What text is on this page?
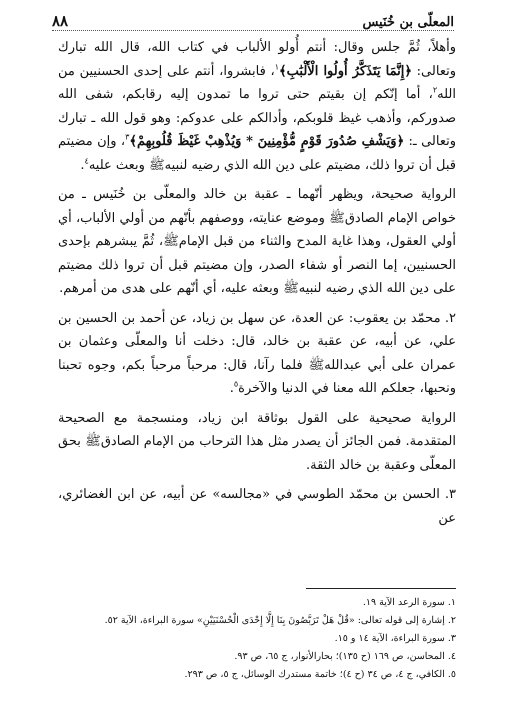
المعلّى بن خُنَيس
٨٨

وأهلاً، ثُمَّ جلس وقال: أنتم أُولو الألباب في كتاب الله، قال الله تبارك وتعالى: ﴿إِنَّمَا يَتَذَكَّرُ أُولُوا الْأَلْبَٰبِ﴾$^١$، فابشروا، أنتم على إحدى الحسنيين من الله$^٢$، أما إنّكم إن بقيتم حتى تروا ما تمدون إليه رقابكم، شفى الله صدوركم، وأذهب غيظ قلوبكم، وأدالكم على عدوكم: وهو قول الله ـ تبارك وتعالى ـ: ﴿وَيَشْفِ صُدُورَ قَوْمٍ مُّؤْمِنِينَ * وَيُذْهِبْ غَيْظَ قُلُوبِهِمْ﴾$^٣$، وإن مضيتم قبل أن تروا ذلك، مضيتم على دين الله الذي رضيه لنبيهﷺ وبعث عليه$^٤$.

الرواية صحيحة، ويظهر أنّهما ـ عقبة بن خالد والمعلّى بن خُنَيس ـ من خواص الإمام الصادقﷺ وموضع عنايته، ووصفهم بأنّهم من أولي الألباب، أي أولي العقول، وهذا غاية المدح والثناء من قبل الإمامﷺ، ثُمَّ يبشرهم بإحدى الحسنيين، إما النصر أو شفاء الصدر، وإن مضيتم قبل أن تروا ذلك مضيتم على دين الله الذي رضيه لنبيهﷺ وبعثه عليه، أي أنّهم على هدى من أمرهم.

٢. محمّد بن يعقوب: عن العدة، عن سهل بن زياد، عن أحمد بن الحسين بن علي، عن أبيه، عن عقبة بن خالد، قال: دخلت أنا والمعلّى وعثمان بن عمران على أبي عبداللهﷺ فلما رآنا، قال: مرحباً مرحباً بكم، وجوه تحبنا ونحبها، جعلكم الله معنا في الدنيا والآخرة$^٥$.

الرواية صحيحية على القول بوثاقة ابن زياد، ومنسجمة مع الصحيحة المتقدمة. فمن الجائز أن يصدر مثل هذا الترحاب من الإمام الصادقﷺ بحق المعلّى وعقبة بن خالد الثقة.

٣. الحسن بن محمّد الطوسي في «مجالسه» عن أبيه، عن ابن الغضائري، عن

١. سورة الرعد الآية ١٩.

٢. إشارة إلى قوله تعالى: «قُلْ هَلْ تَرَبَّصُونَ بِنَا إِلَّا إِحْدَى الْحُسْنَيَيْنِ» سورة البراءة، الآية ٥٢.

٣. سورة البراءة، الآية ١٤ و ١٥.

٤. المحاسن، ص ١٦٩ (ح ١٣٥)؛ بحارالأنوار، ج ٦٥، ص ٩٣.

٥. الكافي، ج ٤، ص ٣٤ (ح ٤)؛ خاتمة مستدرك الوسائل، ج ٥، ص ٢٩٣.
